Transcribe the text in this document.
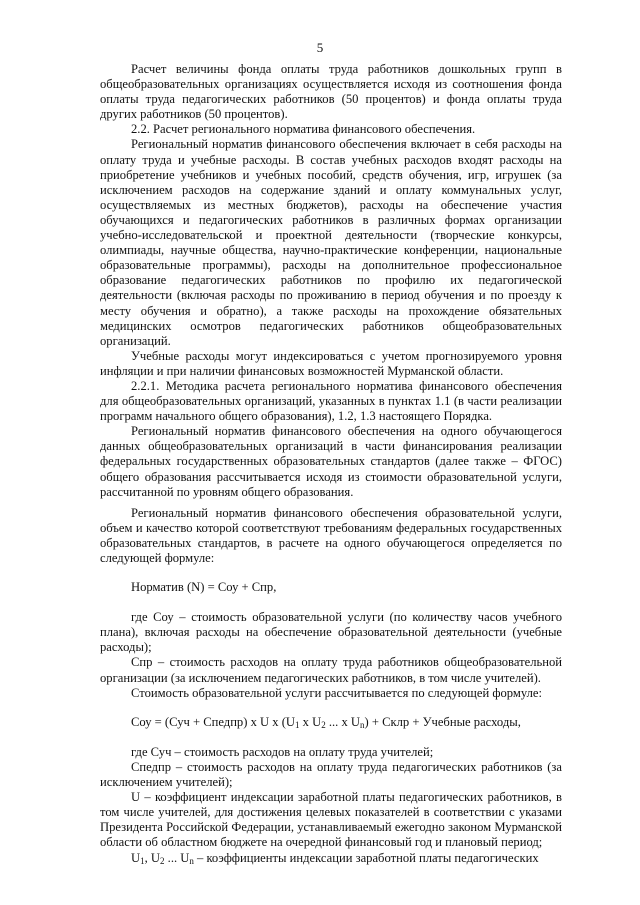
5

Расчет величины фонда оплаты труда работников дошкольных групп в общеобразовательных организациях осуществляется исходя из соотношения фонда оплаты труда педагогических работников (50 процентов) и фонда оплаты труда других работников (50 процентов).

2.2. Расчет регионального норматива финансового обеспечения.

Региональный норматив финансового обеспечения включает в себя расходы на оплату труда и учебные расходы. В состав учебных расходов входят расходы на приобретение учебников и учебных пособий, средств обучения, игр, игрушек (за исключением расходов на содержание зданий и оплату коммунальных услуг, осуществляемых из местных бюджетов), расходы на обеспечение участия обучающихся и педагогических работников в различных формах организации учебно-исследовательской и проектной деятельности (творческие конкурсы, олимпиады, научные общества, научно-практические конференции, национальные образовательные программы), расходы на дополнительное профессиональное образование педагогических работников по профилю их педагогической деятельности (включая расходы по проживанию в период обучения и по проезду к месту обучения и обратно), а также расходы на прохождение обязательных медицинских осмотров педагогических работников общеобразовательных организаций.

Учебные расходы могут индексироваться с учетом прогнозируемого уровня инфляции и при наличии финансовых возможностей Мурманской области.

2.2.1. Методика расчета регионального норматива финансового обеспечения для общеобразовательных организаций, указанных в пунктах 1.1 (в части реализации программ начального общего образования), 1.2, 1.3 настоящего Порядка.

Региональный норматив финансового обеспечения на одного обучающегося данных общеобразовательных организаций в части финансирования реализации федеральных государственных образовательных стандартов (далее также – ФГОС) общего образования рассчитывается исходя из стоимости образовательной услуги, рассчитанной по уровням общего образования.

Региональный норматив финансового обеспечения образовательной услуги, объем и качество которой соответствуют требованиям федеральных государственных образовательных стандартов, в расчете на одного обучающегося определяется по следующей формуле:

Норматив (N) = Соу + Спр,

где Соу – стоимость образовательной услуги (по количеству часов учебного плана), включая расходы на обеспечение образовательной деятельности (учебные расходы);

Спр – стоимость расходов на оплату труда работников общеобразовательной организации (за исключением педагогических работников, в том числе учителей).

Стоимость образовательной услуги рассчитывается по следующей формуле:

Соу = (Суч + Спедпр) х U х ($U_1$ х $U_2$ ... х $U_n$) + Склр + Учебные расходы,

где Суч – стоимость расходов на оплату труда учителей;

Спедпр – стоимость расходов на оплату труда педагогических работников (за исключением учителей);

U – коэффициент индексации заработной платы педагогических работников, в том числе учителей, для достижения целевых показателей в соответствии с указами Президента Российской Федерации, устанавливаемый ежегодно законом Мурманской области об областном бюджете на очередной финансовый год и плановый период;

$U_1$, $U_2$ ... $U_n$ – коэффициенты индексации заработной платы педагогических
